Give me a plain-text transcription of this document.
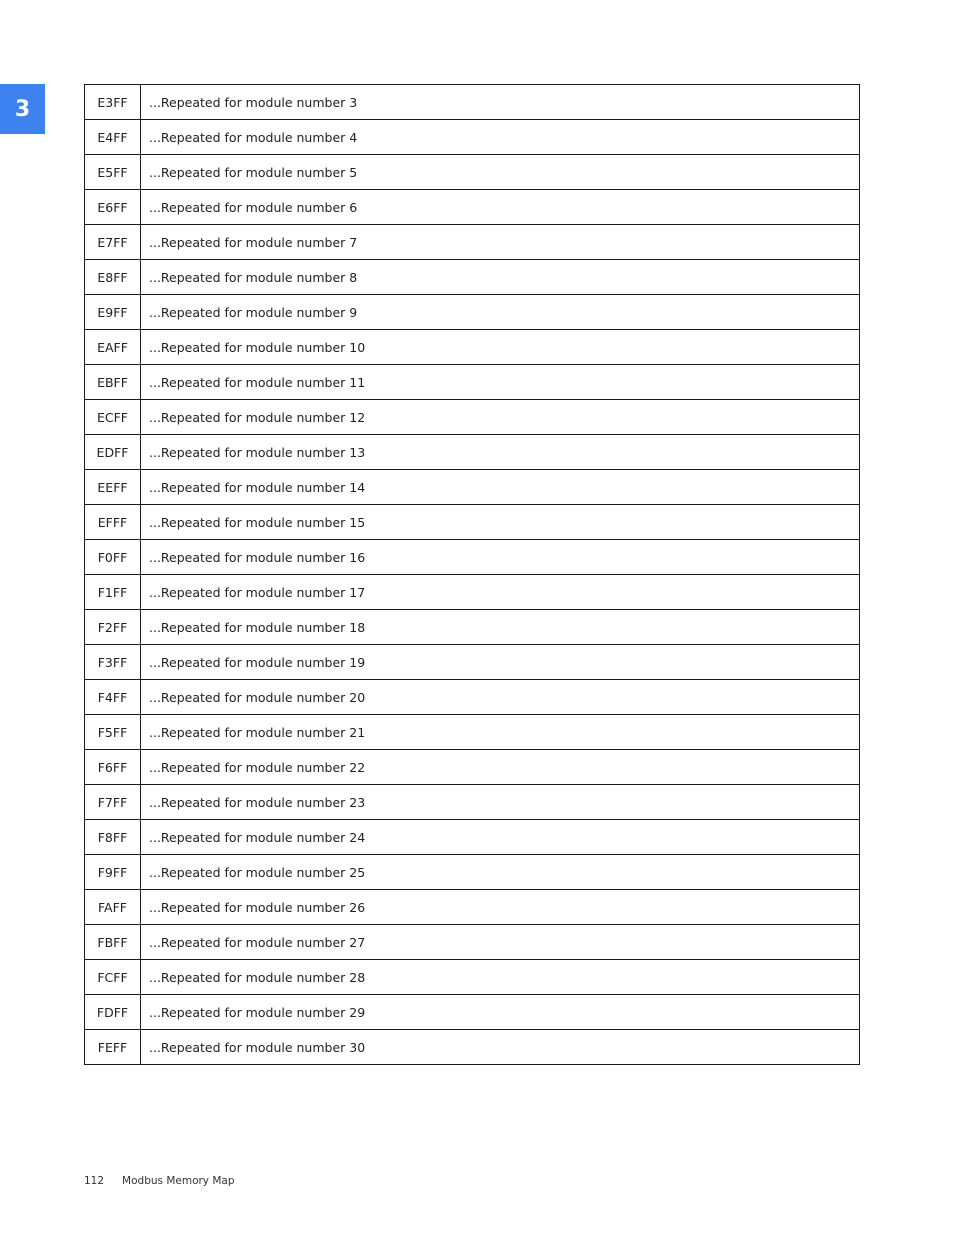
3	E3FF	...Repeated for module number 3
E4FF	...Repeated for module number 4
E5FF	...Repeated for module number 5
E6FF	...Repeated for module number 6
E7FF	...Repeated for module number 7
E8FF	...Repeated for module number 8
E9FF	...Repeated for module number 9
EAFF	...Repeated for module number 10
EBFF	...Repeated for module number 11
ECFF	...Repeated for module number 12
EDFF	...Repeated for module number 13
EEFF	...Repeated for module number 14
EFFF	...Repeated for module number 15
F0FF	...Repeated for module number 16
F1FF	...Repeated for module number 17
F2FF	...Repeated for module number 18
F3FF	...Repeated for module number 19
F4FF	...Repeated for module number 20
F5FF	...Repeated for module number 21
F6FF	...Repeated for module number 22
F7FF	...Repeated for module number 23
F8FF	...Repeated for module number 24
F9FF	...Repeated for module number 25
FAFF	...Repeated for module number 26
FBFF	...Repeated for module number 27
FCFF	...Repeated for module number 28
FDFF	...Repeated for module number 29
FEFF	...Repeated for module number 30
112 Modbus Memory Map
